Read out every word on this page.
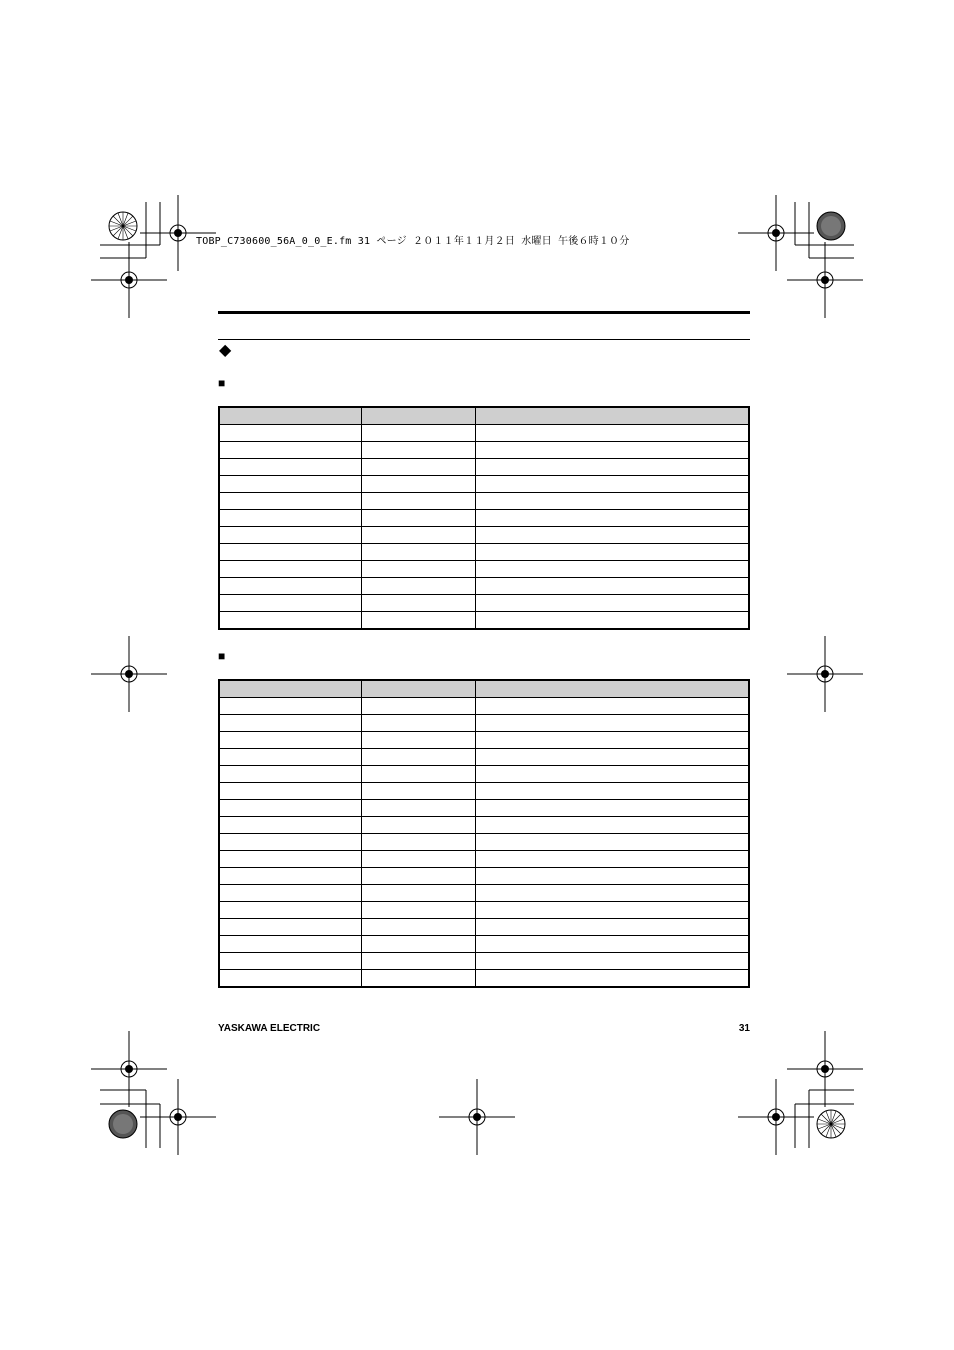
TOBP_C730600_56A_0_0_E.fm 31 ページ ２０１１年１１月２日 水曜日 午後６時１０分
◆
■

■

YASKAWA ELECTRIC	31
